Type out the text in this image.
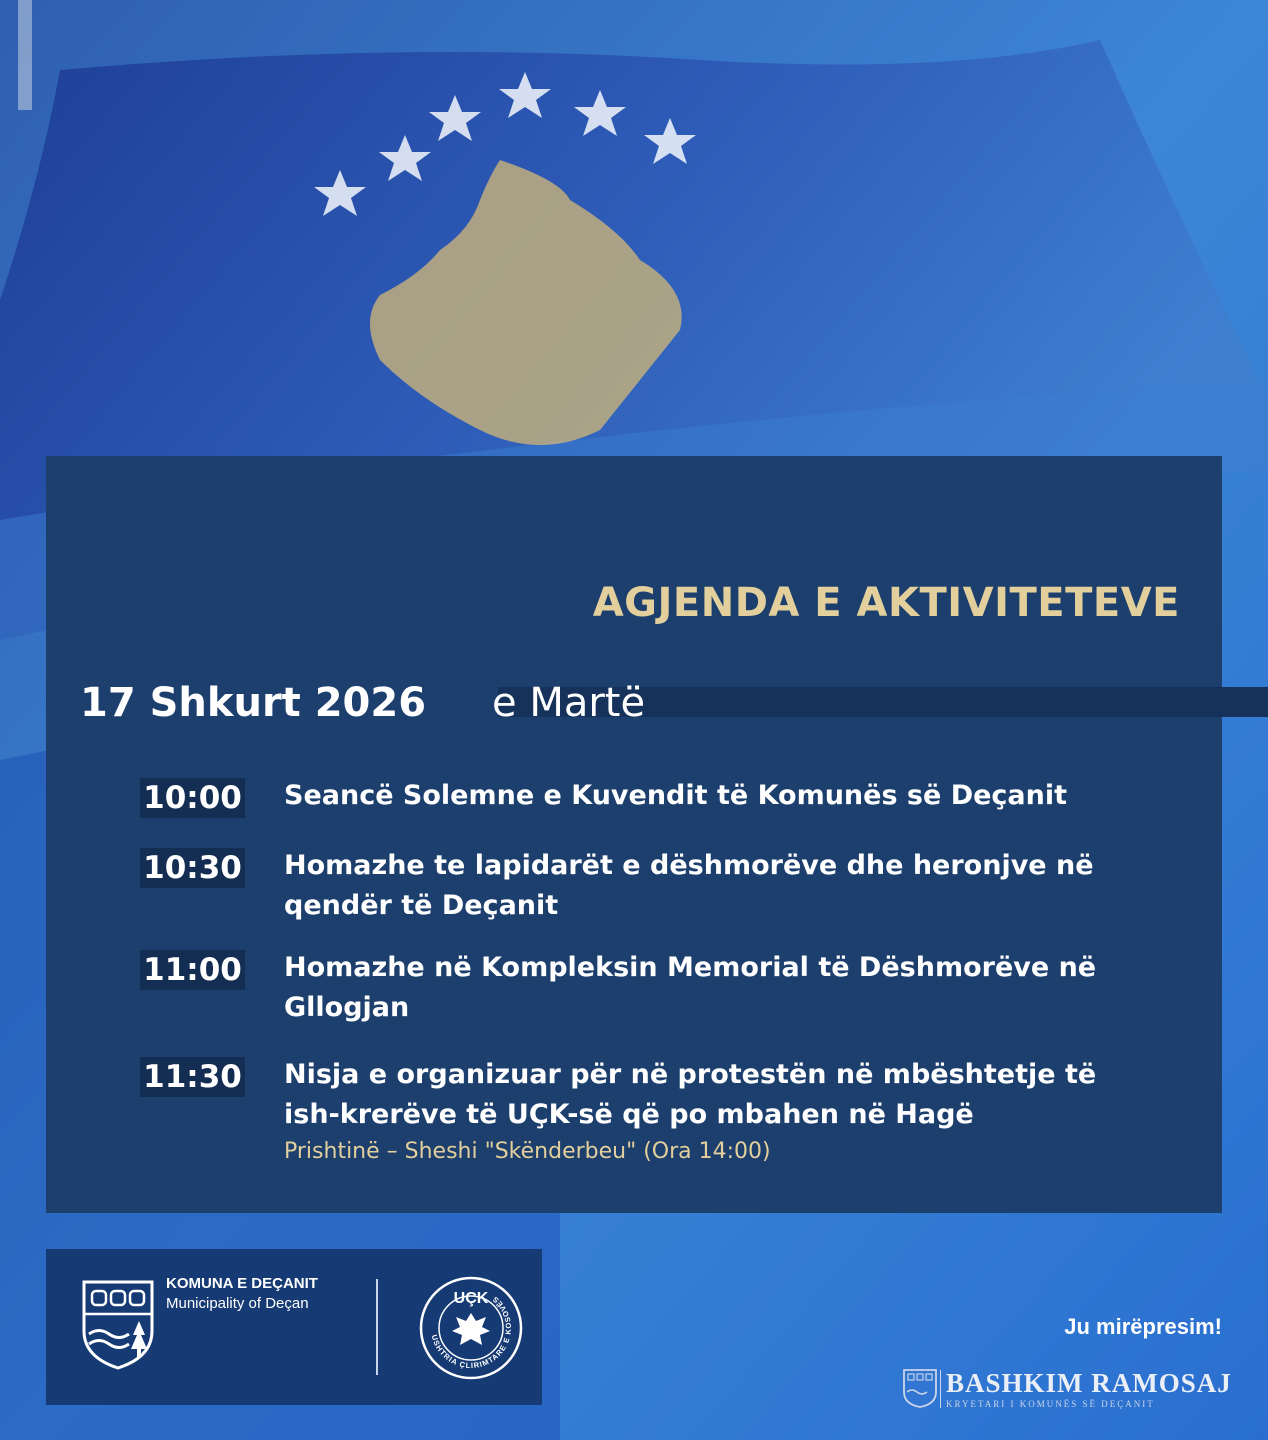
AGJENDA E AKTIVITETEVE
17 Shkurt 2026 e Martë
10:00 Seancë Solemne e Kuvendit të Komunës së Deçanit
10:30 Homazhe te lapidarët e dëshmorëve dhe heronjve në qendër të Deçanit
11:00 Homazhe në Kompleksin Memorial të Dëshmorëve në Gllogjan
11:30 Nisja e organizuar për në protestën në mbështetje të ish-krerëve të UÇK-së që po mbahen në Hagë
Prishtinë – Sheshi "Skënderbeu" (Ora 14:00)
KOMUNA E DEÇANIT
Municipality of Deçan	UÇK
USHTRIA ÇLIRIMTARE E KOSOVËS
Ju mirëpresim!
BASHKIM RAMOSAJ
KRYETARI I KOMUNËS SË DEÇANIT
